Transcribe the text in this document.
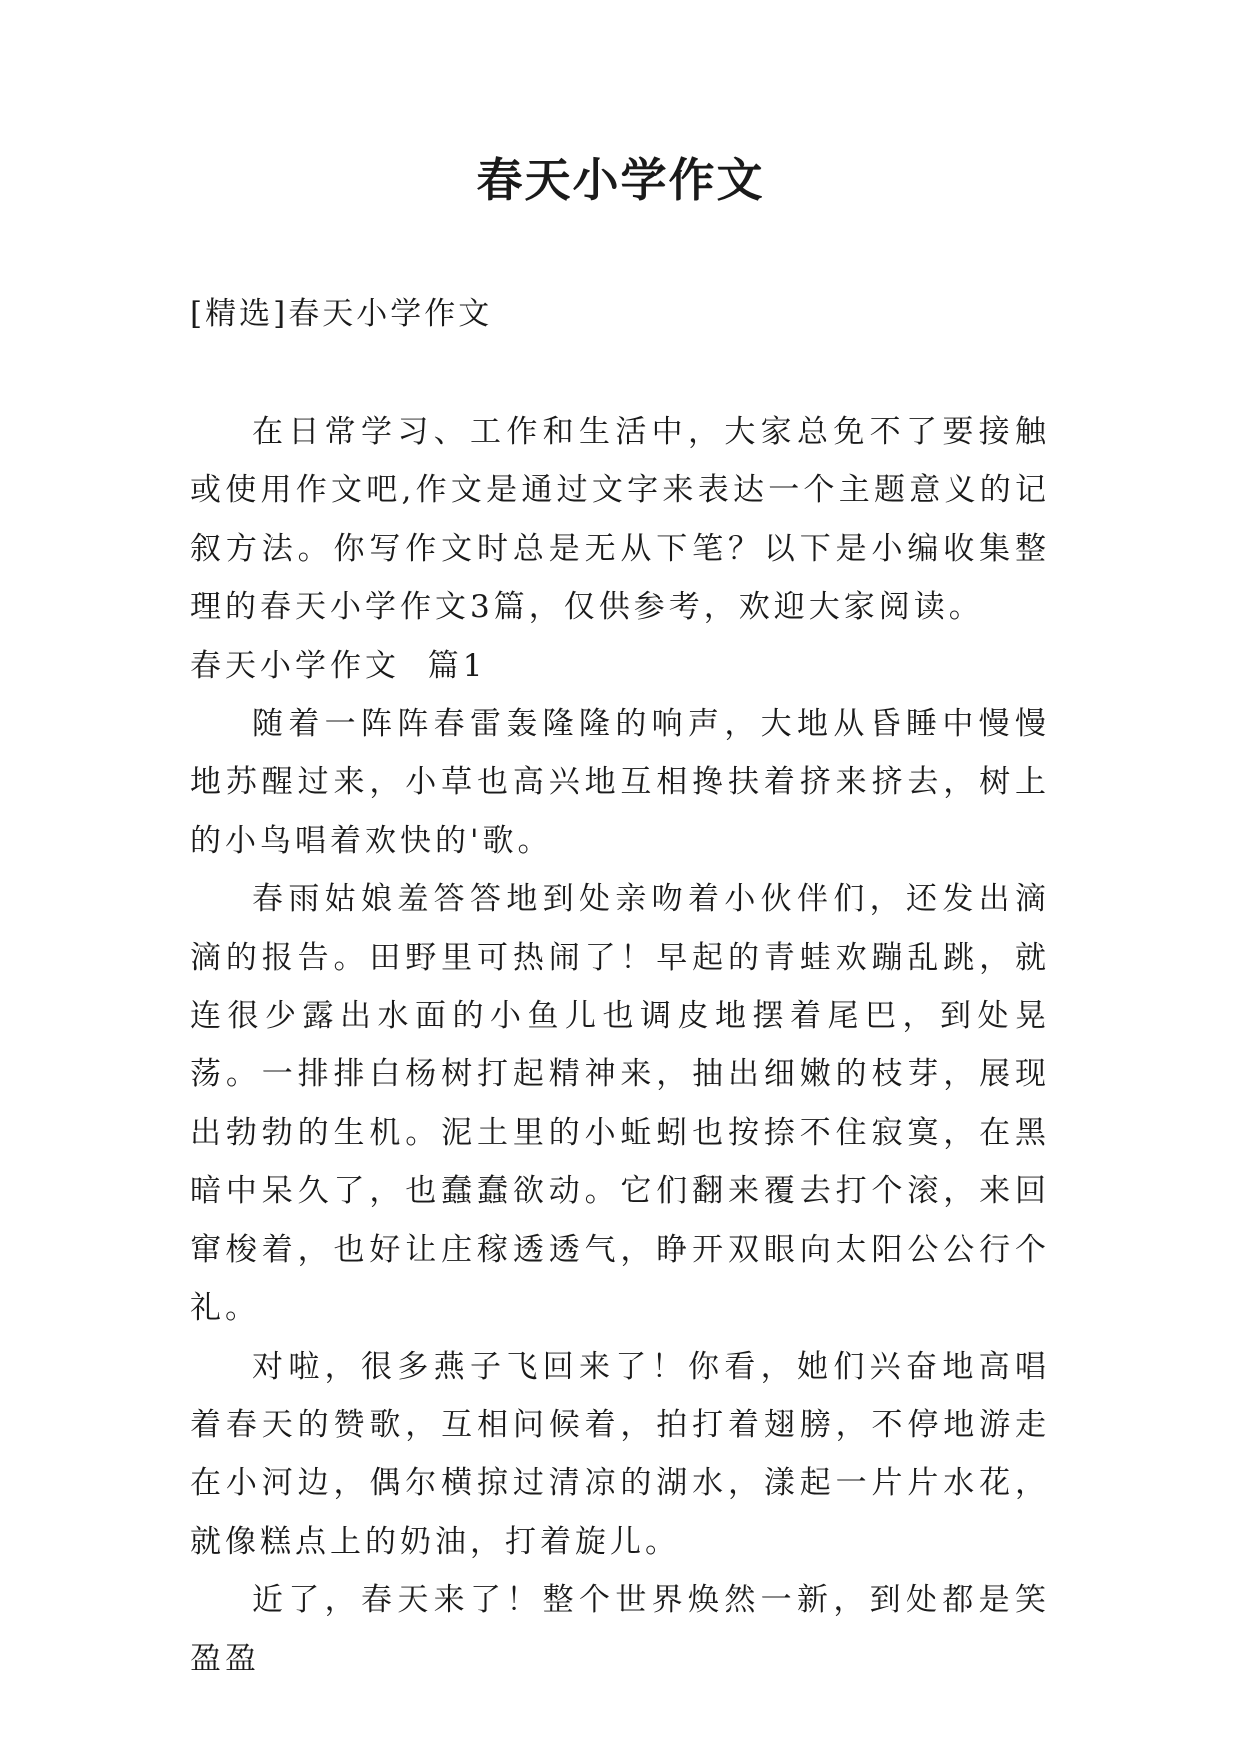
春天小学作文
[精选]春天小学作文

在日常学习、工作和生活中，大家总免不了要接触或使用作文吧,作文是通过文字来表达一个主题意义的记叙方法。你写作文时总是无从下笔？以下是小编收集整理的春天小学作文3篇，仅供参考，欢迎大家阅读。

春天小学作文  篇1

随着一阵阵春雷轰隆隆的响声，大地从昏睡中慢慢地苏醒过来，小草也高兴地互相搀扶着挤来挤去，树上的小鸟唱着欢快的'歌。

春雨姑娘羞答答地到处亲吻着小伙伴们，还发出滴滴的报告。田野里可热闹了！早起的青蛙欢蹦乱跳，就连很少露出水面的小鱼儿也调皮地摆着尾巴，到处晃荡。一排排白杨树打起精神来，抽出细嫩的枝芽，展现出勃勃的生机。泥土里的小蚯蚓也按捺不住寂寞，在黑暗中呆久了，也蠢蠢欲动。它们翻来覆去打个滚，来回窜梭着，也好让庄稼透透气，睁开双眼向太阳公公行个礼。

对啦，很多燕子飞回来了！你看，她们兴奋地高唱着春天的赞歌，互相问候着，拍打着翅膀，不停地游走在小河边，偶尔横掠过清凉的湖水，漾起一片片水花，就像糕点上的奶油，打着旋儿。

近了，春天来了！整个世界焕然一新，到处都是笑盈盈
